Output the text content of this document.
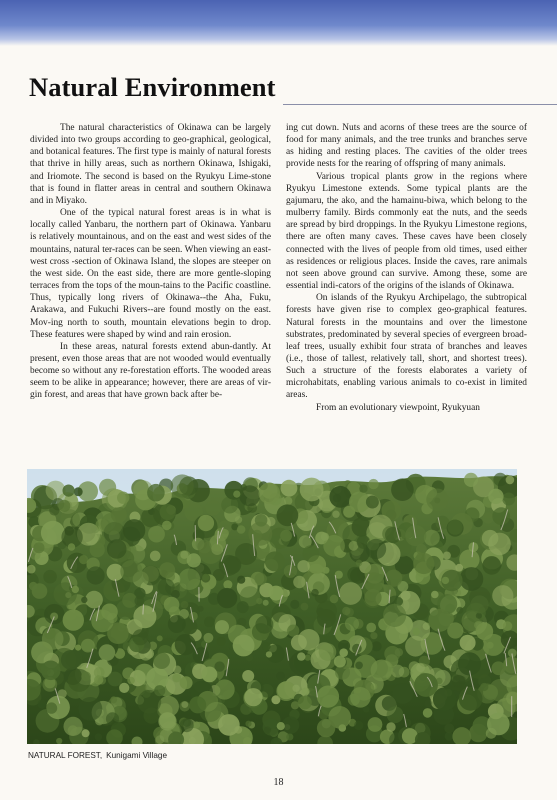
Natural Environment

The natural characteristics of Okinawa can be largely divided into two groups according to geo-graphical, geological, and botanical features. The first type is mainly of natural forests that thrive in hilly areas, such as northern Okinawa, Ishigaki, and Iriomote. The second is based on the Ryukyu Lime-stone that is found in flatter areas in central and southern Okinawa and in Miyako.

One of the typical natural forest areas is in what is locally called Yanbaru, the northern part of Okinawa. Yanbaru is relatively mountainous, and on the east and west sides of the mountains, natural ter-races can be seen. When viewing an east-west cross -section of Okinawa Island, the slopes are steeper on the west side. On the east side, there are more gentle-sloping terraces from the tops of the moun-tains to the Pacific coastline. Thus, typically long rivers of Okinawa--the Aha, Fuku, Arakawa, and Fukuchi Rivers--are found mostly on the east. Mov-ing north to south, mountain elevations begin to drop. These features were shaped by wind and rain erosion.

In these areas, natural forests extend abun-dantly. At present, even those areas that are not wooded would eventually become so without any re-forestation efforts. The wooded areas seem to be alike in appearance; however, there are areas of vir-gin forest, and areas that have grown back after be-

ing cut down. Nuts and acorns of these trees are the source of food for many animals, and the tree trunks and branches serve as hiding and resting places. The cavities of the older trees provide nests for the rearing of offspring of many animals.

Various tropical plants grow in the regions where Ryukyu Limestone extends. Some typical plants are the gajumaru, the ako, and the hamainu-biwa, which belong to the mulberry family. Birds commonly eat the nuts, and the seeds are spread by bird droppings. In the Ryukyu Limestone regions, there are often many caves. These caves have been closely connected with the lives of people from old times, used either as residences or religious places. Inside the caves, rare animals not seen above ground can survive. Among these, some are essential indi-cators of the origins of the islands of Okinawa.

On islands of the Ryukyu Archipelago, the subtropical forests have given rise to complex geo-graphical features. Natural forests in the mountains and over the limestone substrates, predominated by several species of evergreen broad-leaf trees, usually exhibit four strata of branches and leaves (i.e., those of tallest, relatively tall, short, and shortest trees). Such a structure of the forests elaborates a variety of microhabitats, enabling various animals to co-exist in limited areas.

From an evolutionary viewpoint, Ryukyuan

NATURAL FOREST, Kunigami Village

18
